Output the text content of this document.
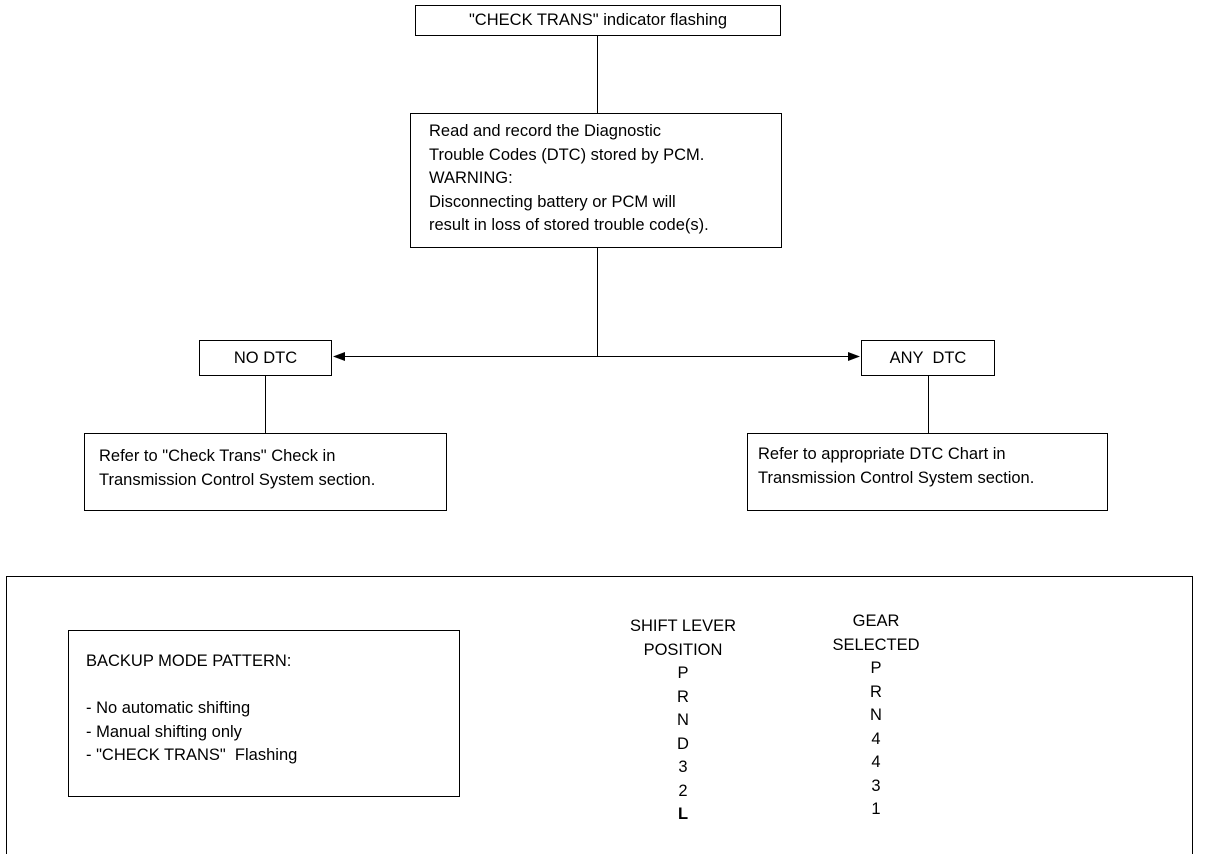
"CHECK TRANS" indicator flashing
Read and record the Diagnostic
Trouble Codes (DTC) stored by PCM.
WARNING:
Disconnecting battery or PCM will
result in loss of stored trouble code(s).
NO DTC	ANY  DTC
Refer to "Check Trans" Check in
Transmission Control System section.
Refer to appropriate DTC Chart in
Transmission Control System section.
BACKUP MODE PATTERN:
- No automatic shifting
- Manual shifting only
- "CHECK TRANS"  Flashing
SHIFT LEVER
POSITION
P
R
N
D
3
2
L
GEAR
SELECTED
P
R
N
4
4
3
1
